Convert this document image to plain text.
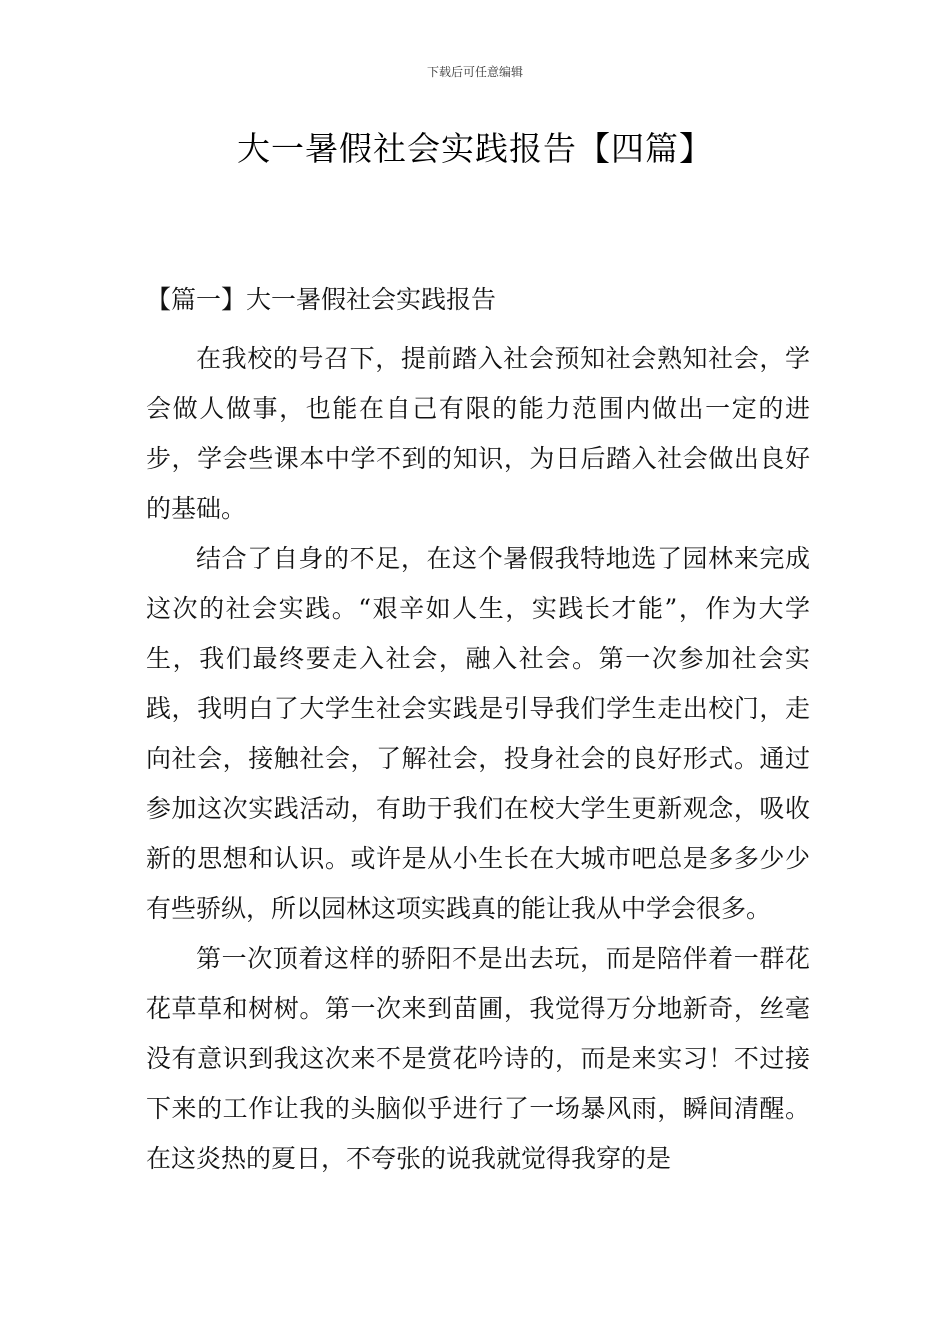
下载后可任意编辑
大一暑假社会实践报告【四篇】
【篇一】大一暑假社会实践报告

在我校的号召下，提前踏入社会预知社会熟知社会，学会做人做事，也能在自己有限的能力范围内做出一定的进步，学会些课本中学不到的知识，为日后踏入社会做出良好的基础。

结合了自身的不足，在这个暑假我特地选了园林来完成这次的社会实践。“艰辛如人生，实践长才能”，作为大学生，我们最终要走入社会，融入社会。第一次参加社会实践，我明白了大学生社会实践是引导我们学生走出校门，走向社会，接触社会，了解社会，投身社会的良好形式。通过参加这次实践活动，有助于我们在校大学生更新观念，吸收新的思想和认识。或许是从小生长在大城市吧总是多多少少有些骄纵，所以园林这项实践真的能让我从中学会很多。

第一次顶着这样的骄阳不是出去玩，而是陪伴着一群花花草草和树树。第一次来到苗圃，我觉得万分地新奇，丝毫没有意识到我这次来不是赏花吟诗的，而是来实习！不过接下来的工作让我的头脑似乎进行了一场暴风雨，瞬间清醒。在这炎热的夏日，不夸张的说我就觉得我穿的是
